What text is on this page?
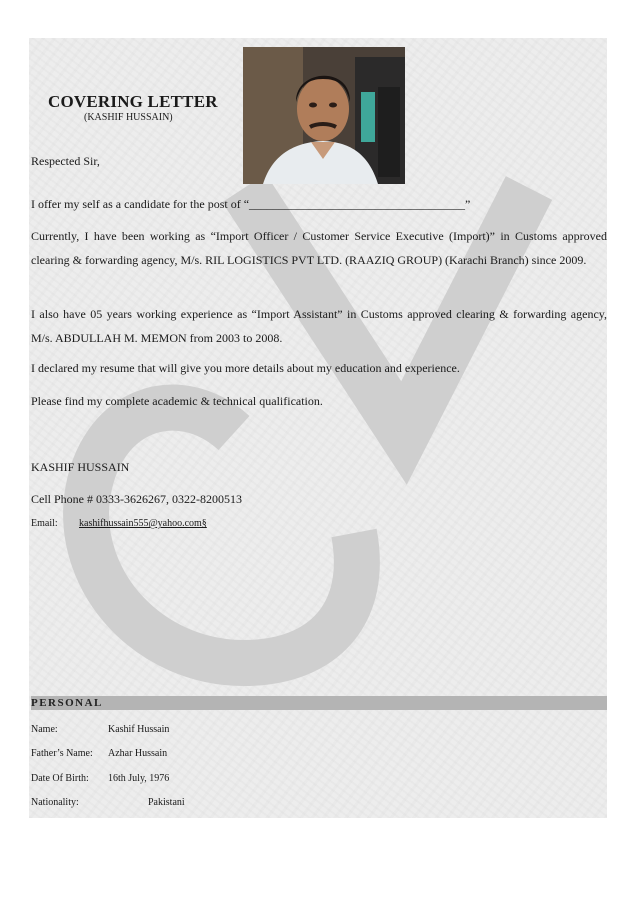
COVERING LETTER
(KASHIF HUSSAIN)
Respected Sir,
I offer my self as a candidate for the post of “____________________________________”
Currently, I have been working as “Import Officer / Customer Service Executive (Import)” in Customs approved clearing & forwarding agency, M/s. RIL LOGISTICS PVT LTD. (RAAZIQ GROUP) (Karachi Branch) since 2009.
I also have 05 years working experience as “Import Assistant” in Customs approved clearing & forwarding agency, M/s. ABDULLAH M. MEMON from 2003 to 2008.
I declared my resume that will give you more details about my education and experience.
Please find my complete academic & technical qualification.
KASHIF HUSSAIN
Cell Phone # 0333-3626267, 0322-8200513
Email: kashifhussain555@yahoo.com§
PERSONAL
Name:	Kashif Hussain
Father’s Name: Azhar Hussain
Date Of Birth: 16th July, 1976
Nationality:	Pakistani
